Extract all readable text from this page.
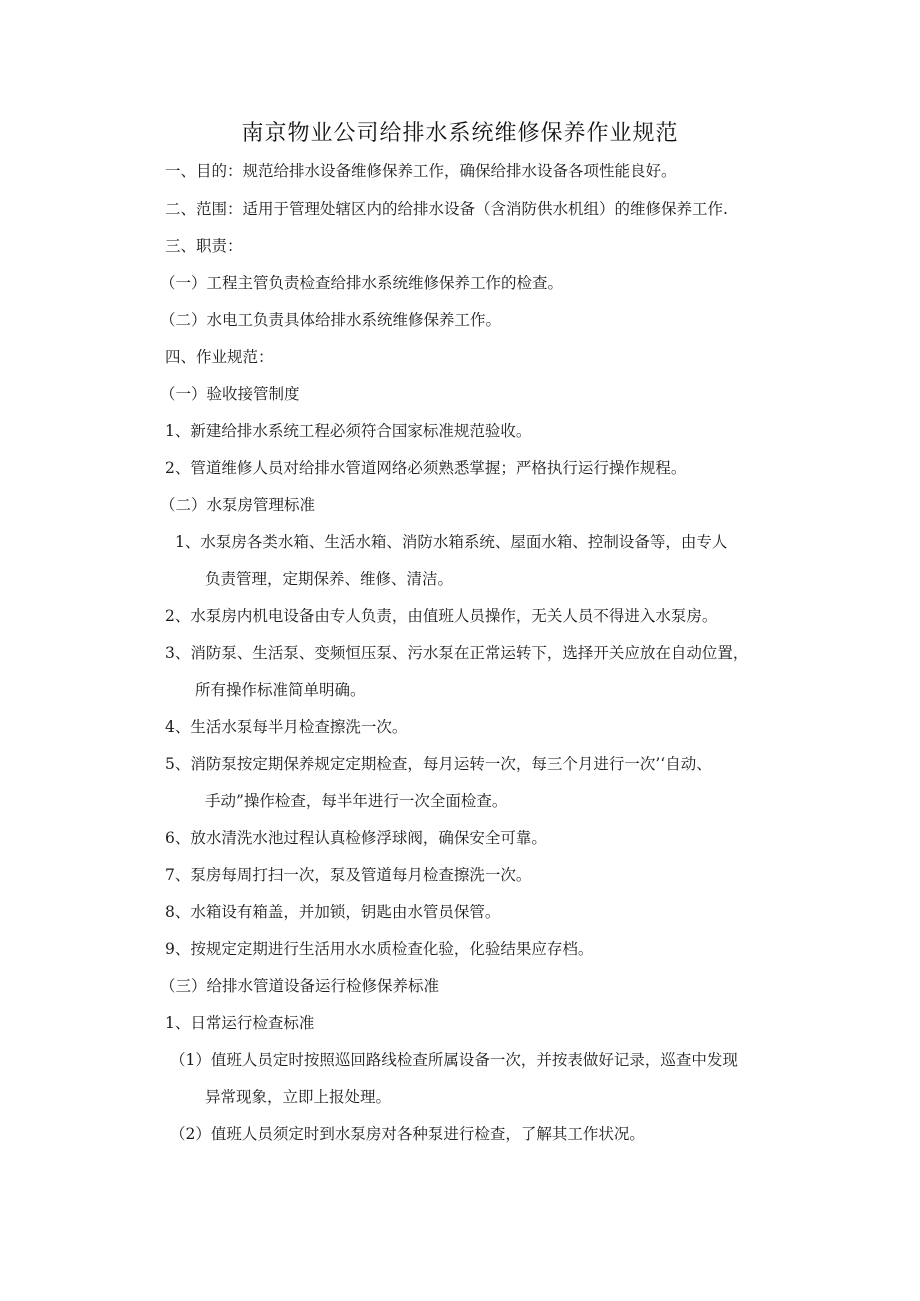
南京物业公司给排水系统维修保养作业规范
一、目的：规范给排水设备维修保养工作，确保给排水设备各项性能良好。
二、范围：适用于管理处辖区内的给排水设备（含消防供水机组）的维修保养工作.
三、职责：
（一）工程主管负责检查给排水系统维修保养工作的检查。
（二）水电工负责具体给排水系统维修保养工作。
四、作业规范：
（一）验收接管制度
1、新建给排水系统工程必须符合国家标准规范验收。
2、管道维修人员对给排水管道网络必须熟悉掌握；严格执行运行操作规程。
（二）水泵房管理标准
1、水泵房各类水箱、生活水箱、消防水箱系统、屋面水箱、控制设备等，由专人
负责管理，定期保养、维修、清洁。
2、水泵房内机电设备由专人负责，由值班人员操作，无关人员不得进入水泵房。
3、消防泵、生活泵、变频恒压泵、污水泵在正常运转下，选择开关应放在自动位置，
所有操作标准简单明确。
4、生活水泵每半月检查擦洗一次。
5、消防泵按定期保养规定定期检查，每月运转一次，每三个月进行一次’‘自动、
手动”操作检查，每半年进行一次全面检查。
6、放水清洗水池过程认真检修浮球阀，确保安全可靠。
7、泵房每周打扫一次，泵及管道每月检查擦洗一次。
8、水箱设有箱盖，并加锁，钥匙由水管员保管。
9、按规定定期进行生活用水水质检查化验，化验结果应存档。
（三）给排水管道设备运行检修保养标准
1、日常运行检查标准
（1）值班人员定时按照巡回路线检查所属设备一次，并按表做好记录，巡查中发现
异常现象，立即上报处理。
（2）值班人员须定时到水泵房对各种泵进行检查，了解其工作状况。
